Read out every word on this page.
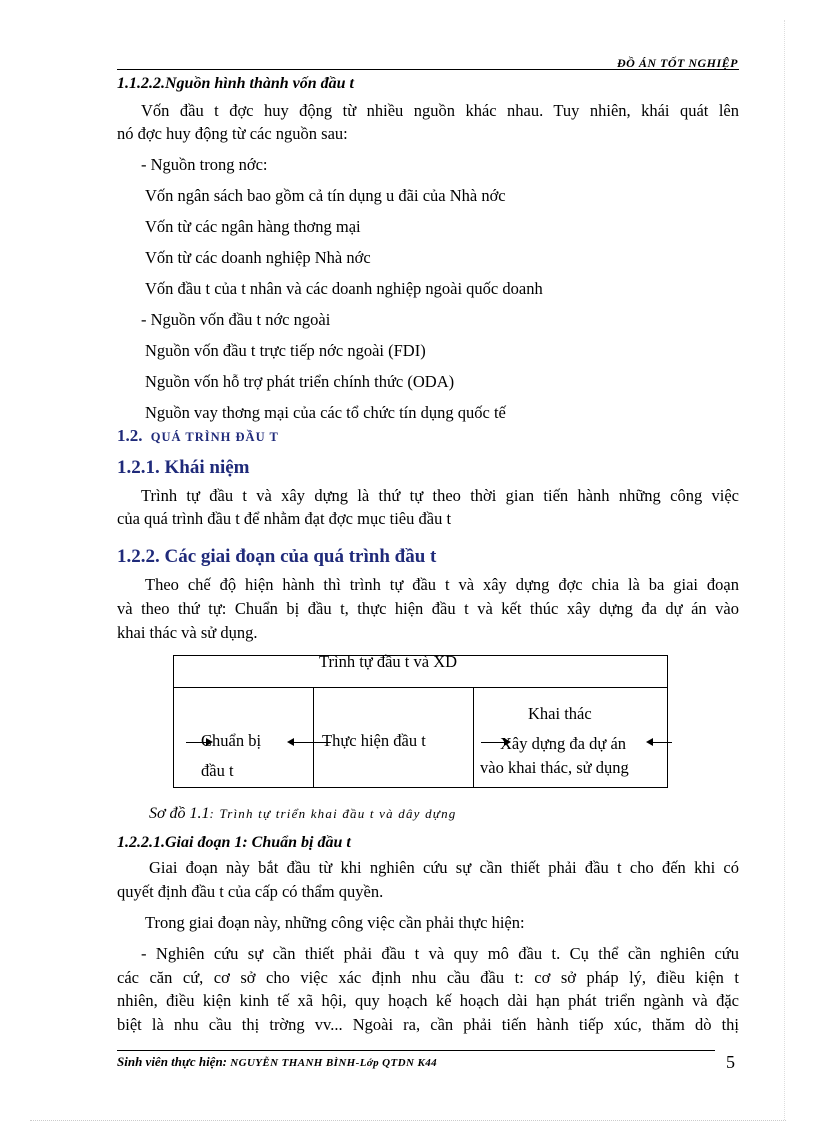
ĐỒ ÁN TỐT NGHIỆP
1.1.2.2.Nguồn hình thành vốn đầu t
Vốn đầu t đợc huy động từ nhiều nguồn khác nhau. Tuy nhiên, khái quát lên
nó đợc huy động từ các nguồn sau:
- Nguồn trong nớc:
Vốn ngân sách bao gồm cả tín dụng u đãi của Nhà nớc
Vốn từ các ngân hàng thơng mại
Vốn từ các doanh nghiệp Nhà nớc
Vốn đầu t của t nhân và các doanh nghiệp ngoài quốc doanh
- Nguồn vốn đầu t nớc ngoài
Nguồn vốn đầu t trực tiếp nớc ngoài (FDI)
Nguồn vốn hỗ trợ phát triển chính thức (ODA)
Nguồn vay thơng mại của các tổ chức tín dụng quốc tế
1.2. QUÁ TRÌNH ĐẦU T
1.2.1. Khái niệm
Trình tự đầu t và xây dựng là thứ tự theo thời gian tiến hành những công việc
của quá trình đầu t để nhằm đạt đợc mục tiêu đầu t
1.2.2. Các giai đoạn của quá trình đầu t
Theo chế độ hiện hành thì trình tự đầu t và xây dựng đợc chia là ba giai đoạn
và theo thứ tự: Chuẩn bị đầu t, thực hiện đầu t và kết thúc xây dựng đa dự án vào
khai thác và sử dụng.
Trình tự đầu t và XD
Chuẩn bị
đầu t
Thực hiện đầu t
Khai thác
Xây dựng đa dự án
vào khai thác, sử dụng
Sơ đồ 1.1: Trình tự triển khai đầu t và dây dựng
1.2.2.1.Giai đoạn 1: Chuẩn bị đầu t
Giai đoạn này bắt đầu từ khi nghiên cứu sự cần thiết phải đầu t cho đến khi có
quyết định đầu t của cấp có thẩm quyền.
Trong giai đoạn này, những công việc cần phải thực hiện:
- Nghiên cứu sự cần thiết phải đầu t và quy mô đầu t. Cụ thể cần nghiên cứu
các căn cứ, cơ sở cho việc xác định nhu cầu đầu t: cơ sở pháp lý, điều kiện t
nhiên, điều kiện kinh tế xã hội, quy hoạch kế hoạch dài hạn phát triển ngành và đặc
biệt là nhu cầu thị trờng vv... Ngoài ra, cần phải tiến hành tiếp xúc, thăm dò thị
Sinh viên thực hiện: NGUYỄN THANH BÌNH-Lớp QTDN K44	5
